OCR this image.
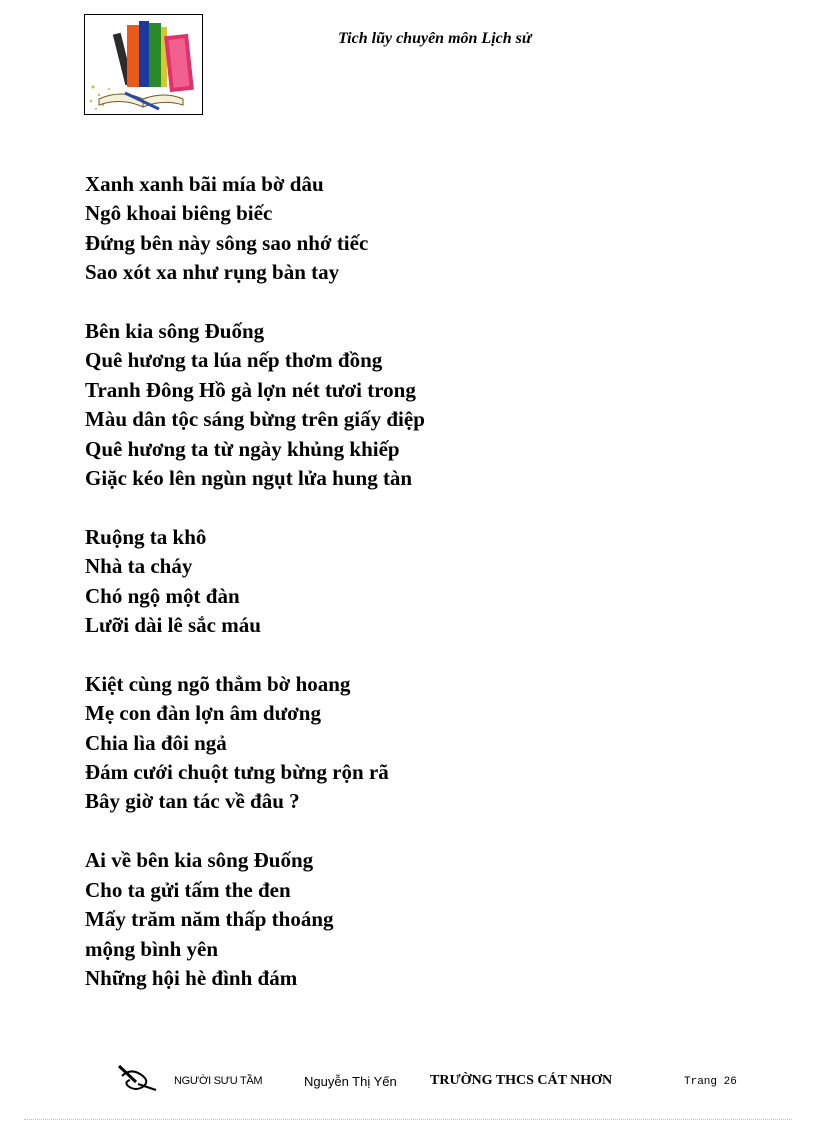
Tich lũy chuyên môn Lịch sử
Xanh xanh bãi mía bờ dâu
Ngô khoai biêng biếc
Đứng bên này sông sao nhớ tiếc
Sao xót xa như rụng bàn tay
Bên kia sông Đuống
Quê hương ta lúa nếp thơm đồng
Tranh Đông Hồ gà lợn nét tươi trong
Màu dân tộc sáng bừng trên giấy điệp
Quê hương ta từ ngày khủng khiếp
Giặc kéo lên ngùn ngụt lửa hung tàn
Ruộng ta khô
Nhà ta cháy
Chó ngộ một đàn
Lưỡi dài lê sắc máu
Kiệt cùng ngõ thẳm bờ hoang
Mẹ con đàn lợn âm dương
Chia lìa đôi ngả
Đám cưới chuột tưng bừng rộn rã
Bây giờ tan tác về đâu ?
Ai về bên kia sông Đuống
Cho ta gửi tấm the đen
Mấy trăm năm thấp thoáng
mộng bình yên
Những hội hè đình đám
NGƯỜI SƯU TẦM	Nguyễn Thị Yến TRƯỜNG THCS CÁT NHƠN	Trang 26
